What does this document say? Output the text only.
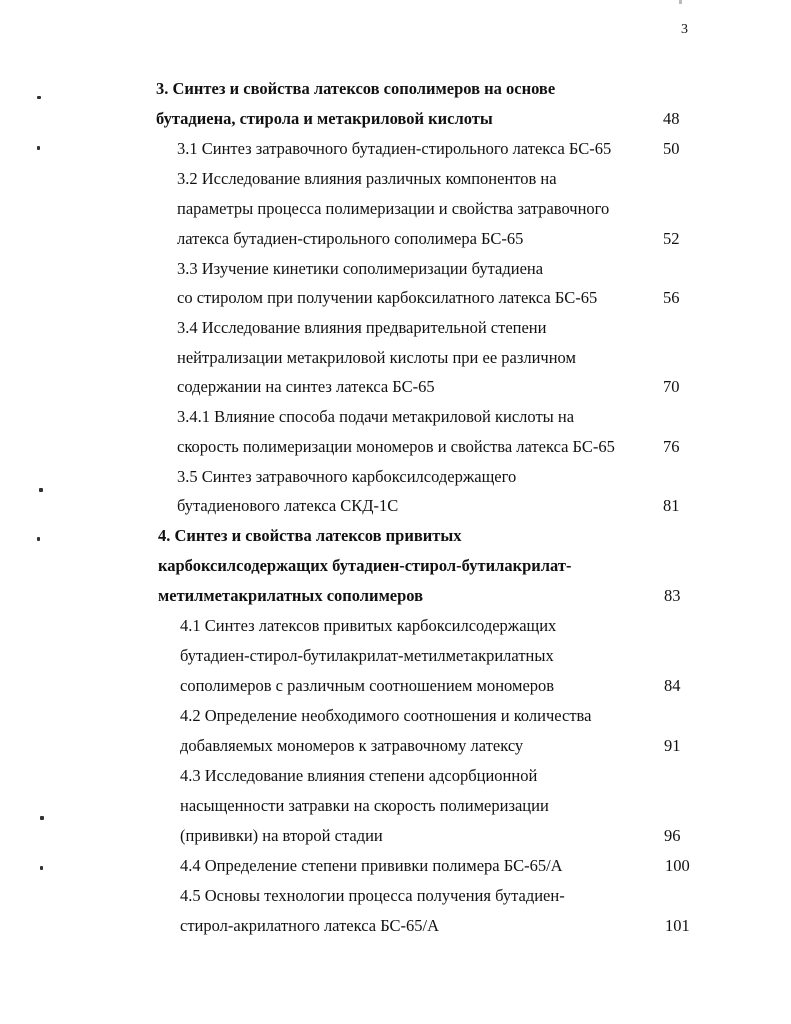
3
3. Синтез и свойства латексов сополимеров на основе
бутадиена, стирола и метакриловой кислоты	48
3.1 Синтез затравочного бутадиен-стирольного латекса БС-65	50
3.2 Исследование влияния различных компонентов на
параметры процесса полимеризации и свойства затравочного
латекса бутадиен-стирольного сополимера БС-65	52
3.3 Изучение кинетики сополимеризации бутадиена
со стиролом при получении карбоксилатного латекса БС-65	56
3.4 Исследование влияния предварительной степени
нейтрализации метакриловой кислоты при ее различном
содержании на синтез латекса БС-65	70
3.4.1 Влияние способа подачи метакриловой кислоты на
скорость полимеризации мономеров и свойства латекса БС-65	76
3.5 Синтез затравочного карбоксилсодержащего
бутадиенового латекса СКД-1С	81
4. Синтез и свойства латексов привитых
карбоксилсодержащих бутадиен-стирол-бутилакрилат-
метилметакрилатных сополимеров	83
4.1 Синтез латексов привитых карбоксилсодержащих
бутадиен-стирол-бутилакрилат-метилметакрилатных
сополимеров с различным соотношением мономеров	84
4.2 Определение необходимого соотношения и количества
добавляемых мономеров к затравочному латексу	91
4.3 Исследование влияния степени адсорбционной
насыщенности затравки на скорость полимеризации
(прививки) на второй стадии	96
4.4 Определение степени прививки полимера БС-65/А	100
4.5 Основы технологии процесса получения бутадиен-
стирол-акрилатного латекса БС-65/А	101
